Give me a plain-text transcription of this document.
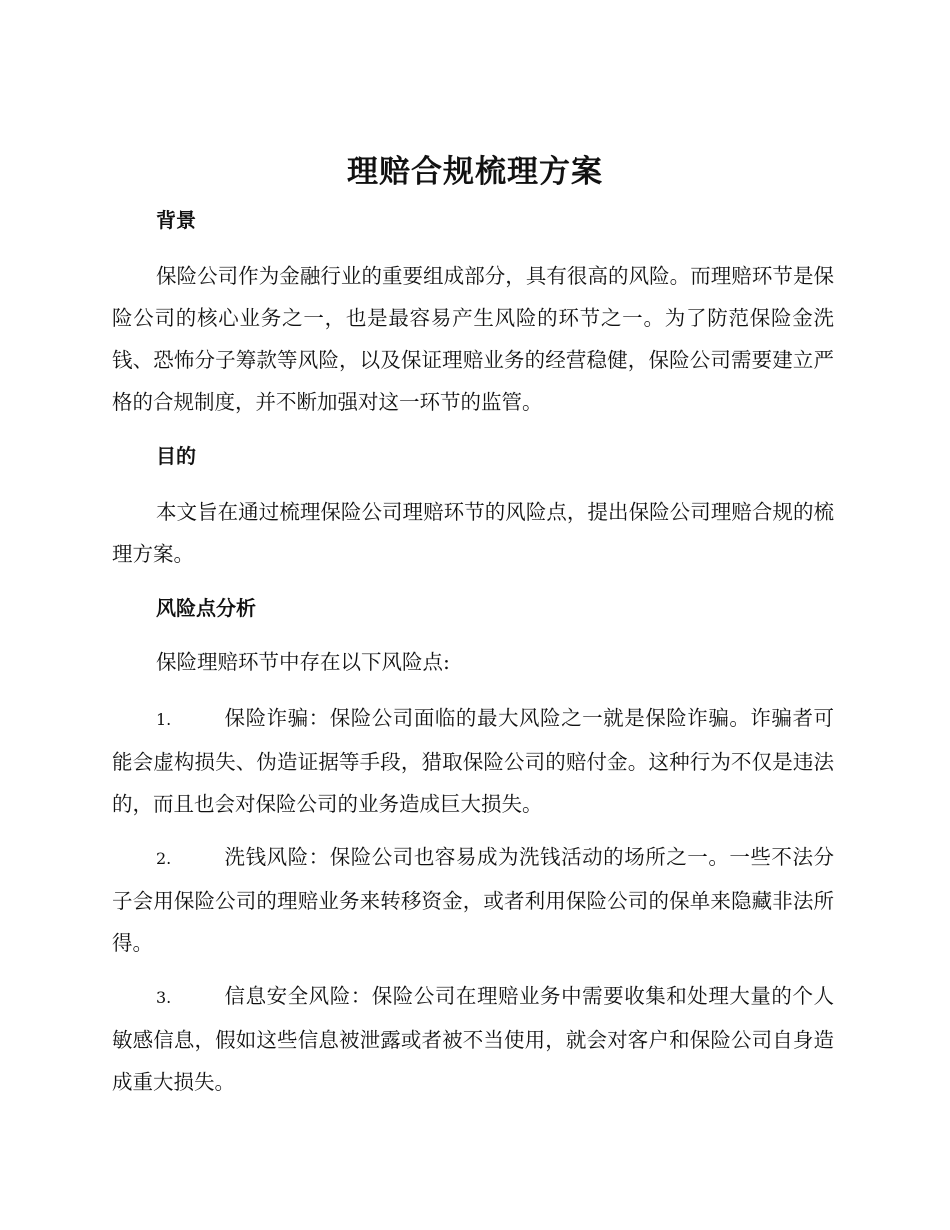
理赔合规梳理方案
背景

保险公司作为金融行业的重要组成部分，具有很高的风险。而理赔环节是保险公司的核心业务之一，也是最容易产生风险的环节之一。为了防范保险金洗钱、恐怖分子筹款等风险，以及保证理赔业务的经营稳健，保险公司需要建立严格的合规制度，并不断加强对这一环节的监管。

目的

本文旨在通过梳理保险公司理赔环节的风险点，提出保险公司理赔合规的梳理方案。

风险点分析

保险理赔环节中存在以下风险点:

1.	保险诈骗：保险公司面临的最大风险之一就是保险诈骗。诈骗者可能会虚构损失、伪造证据等手段，猎取保险公司的赔付金。这种行为不仅是违法的，而且也会对保险公司的业务造成巨大损失。

2.	洗钱风险：保险公司也容易成为洗钱活动的场所之一。一些不法分子会用保险公司的理赔业务来转移资金，或者利用保险公司的保单来隐藏非法所得。

3.	信息安全风险：保险公司在理赔业务中需要收集和处理大量的个人敏感信息，假如这些信息被泄露或者被不当使用，就会对客户和保险公司自身造成重大损失。
